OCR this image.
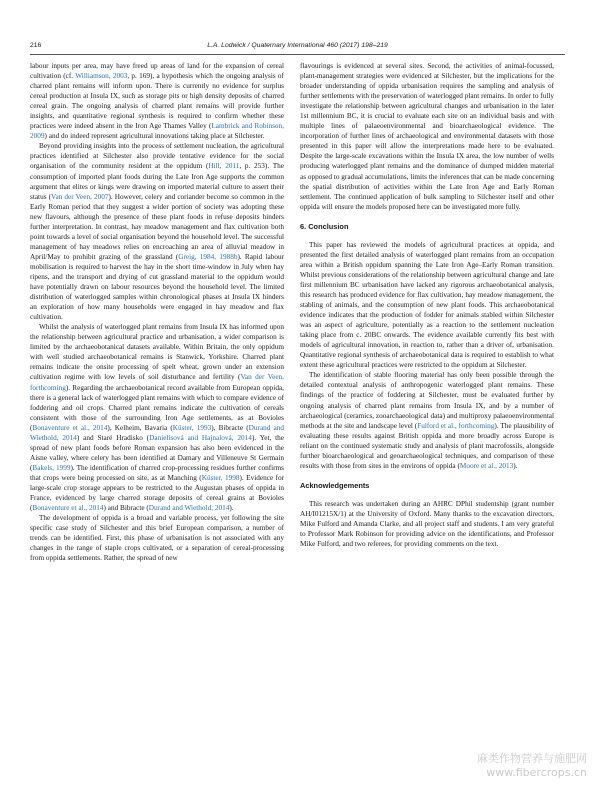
216	L.A. Lodwick / Quaternary International 460 (2017) 198–219

labour inputs per area, may have freed up areas of land for the expansion of cereal cultivation (cf. Williamson, 2003, p. 169), a hypothesis which the ongoing analysis of charred plant remains will inform upon. There is currently no evidence for surplus cereal production at Insula IX, such as storage pits or high density deposits of charred cereal grain. The ongoing analysis of charred plant remains will provide further insights, and quantitative regional synthesis is required to confirm whether these practices were indeed absent in the Iron Age Thames Valley (Lambrick and Robinson, 2009) and do indeed represent agricultural innovations taking place at Silchester.

Beyond providing insights into the process of settlement nucleation, the agricultural practices identified at Silchester also provide tentative evidence for the social organisation of the community resident at the oppidum (Hill, 2011, p. 253). The consumption of imported plant foods during the Late Iron Age supports the common argument that elites or kings were drawing on imported material culture to assert their status (Van der Veen, 2007). However, celery and coriander become so common in the Early Roman period that they suggest a wider portion of society was adopting these new flavours, although the presence of these plant foods in refuse deposits hinders further interpretation. In contrast, hay meadow management and flax cultivation both point towards a level of social organisation beyond the household level. The successful management of hay meadows relies on encroaching an area of alluvial meadow in April/May to prohibit grazing of the grassland (Greig, 1984, 1988b). Rapid labour mobilisation is required to harvest the hay in the short time-window in July when hay ripens, and the transport and drying of cut grassland material to the oppidum would have potentially drawn on labour resources beyond the household level. The limited distribution of waterlogged samples within chronological phases at Insula IX hinders an exploration of how many households were engaged in hay meadow and flax cultivation.

Whilst the analysis of waterlogged plant remains from Insula IX has informed upon the relationship between agricultural practice and urbanisation, a wider comparison is limited by the archaeobotanical datasets available. Within Britain, the only oppidum with well studied archaeobotanical remains is Stanwick, Yorkshire. Charred plant remains indicate the onsite processing of spelt wheat, grown under an extension cultivation regime with low levels of soil disturbance and fertility (Van der Veen, forthcoming). Regarding the archaeobotanical record available from European oppida, there is a general lack of waterlogged plant remains with which to compare evidence of foddering and oil crops. Charred plant remains indicate the cultivation of cereals consistent with those of the surrounding Iron Age settlements, as at Bovioles (Bonaventure et al., 2014), Kelheim, Bavaria (Küster, 1993), Bibracte (Durand and Wiethold, 2014) and Staré Hradisko (Danielisová and Hajnalová, 2014). Yet, the spread of new plant foods before Roman expansion has also been evidenced in the Aisne valley, where celery has been identified at Damary and Villeneuve St Germain (Bakels, 1999). The identification of charred crop-processing residues further confirms that crops were being processed on site, as at Manching (Küster, 1998). Evidence for large-scale crop storage appears to be restricted to the Augustan phases of oppida in France, evidenced by large charred storage deposits of cereal grains at Bovioles (Bonaventure et al., 2014) and Bibracte (Durand and Wiethold, 2014).

The development of oppida is a broad and variable process, yet following the site specific case study of Silchester and this brief European comparison, a number of trends can be identified. First, this phase of urbanisation is not associated with any changes in the range of staple crops cultivated, or a separation of cereal-processing from oppida settlements. Rather, the spread of new

flavourings is evidenced at several sites. Second, the activities of animal-focussed, plant-management strategies were evidenced at Silchester, but the implications for the broader understanding of oppida urbanisation requires the sampling and analysis of further settlements with the preservation of waterlogged plant remains. In order to fully investigate the relationship between agricultural changes and urbanisation in the later 1st millennium BC, it is crucial to evaluate each site on an individual basis and with multiple lines of palaeoenvironmental and bioarchaeological evidence. The incorporation of further lines of archaeological and environmental datasets with those presented in this paper will allow the interpretations made here to be evaluated. Despite the large-scale excavations within the Insula IX area, the low number of wells producing waterlogged plant remains and the dominance of dumped midden material as opposed to gradual accumulations, limits the inferences that can be made concerning the spatial distribution of activities within the Late Iron Age and Early Roman settlement. The continued application of bulk sampling to Silchester itself and other oppida will ensure the models proposed here can be investigated more fully.

6. Conclusion

This paper has reviewed the models of agricultural practices at oppida, and presented the first detailed analysis of waterlogged plant remains from an occupation area within a British oppidum spanning the Late Iron Age–Early Roman transition. Whilst previous considerations of the relationship between agricultural change and late first millennium BC urbanisation have lacked any rigorous archaeobotanical analysis, this research has produced evidence for flax cultivation, hay meadow management, the stabling of animals, and the consumption of new plant foods. This archaeobotanical evidence indicates that the production of fodder for animals stabled within Silchester was an aspect of agriculture, potentially as a reaction to the settlement nucleation taking place from c. 20BC onwards. The evidence available currently fits best with models of agricultural innovation, in reaction to, rather than a driver of, urbanisation. Quantitative regional synthesis of archaeobotanical data is required to establish to what extent these agricultural practices were restricted to the oppidum at Silchester.

The identification of stable flooring material has only been possible through the detailed contextual analysis of anthropogenic waterlogged plant remains. These findings of the practice of foddering at Silchester, must be evaluated further by ongoing analysis of charred plant remains from Insula IX, and by a number of archaeological (ceramics, zooarchaeological data) and multiproxy palaeoenvironmental methods at the site and landscape level (Fulford et al., forthcoming). The plausibility of evaluating these results against British oppida and more broadly across Europe is reliant on the continued systematic study and analysis of plant macrofossils, alongside further bioarchaeological and geoarchaeological techniques, and comparison of these results with those from sites in the environs of oppida (Moore et al., 2013).

Acknowledgements

This research was undertaken during an AHRC DPhil studentship (grant number AH/I01215X/1) at the University of Oxford. Many thanks to the excavation directors, Mike Fulford and Amanda Clarke, and all project staff and students. I am very grateful to Professor Mark Robinson for providing advice on the identifications, and Professor Mike Fulford, and two referees, for providing comments on the text.

麻类作物营养与施肥网
www.fibercrops.cn
